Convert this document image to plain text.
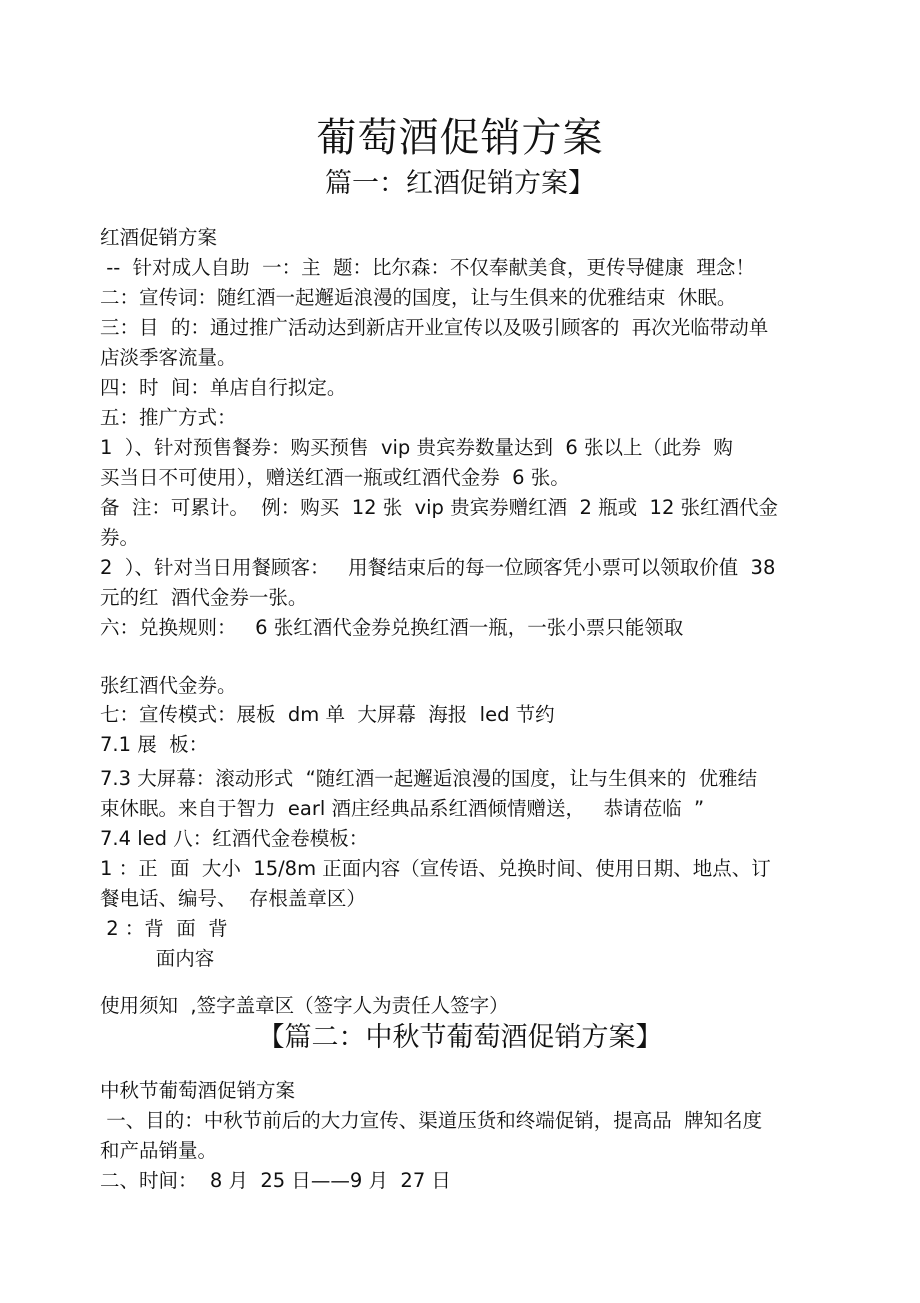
葡萄酒促销方案
篇一：红酒促销方案】
红酒促销方案
--  针对成人自助  一：主  题：比尔森：不仅奉献美食，更传导健康  理念！
二：宣传词：随红酒一起邂逅浪漫的国度，让与生俱来的优雅结束  休眠。
三：目  的：通过推广活动达到新店开业宣传以及吸引顾客的  再次光临带动单
店淡季客流量。
四：时  间：单店自行拟定。
五：推广方式：
1  ）、针对预售餐券：购买预售  vip 贵宾券数量达到  6 张以上（此券  购
买当日不可使用），赠送红酒一瓶或红酒代金券  6 张。
备  注：可累计。  例：购买  12 张  vip 贵宾券赠红酒  2 瓶或  12 张红酒代金
券。
2  ）、针对当日用餐顾客：   用餐结束后的每一位顾客凭小票可以领取价值  38
元的红  酒代金券一张。
六：兑换规则：   6 张红酒代金券兑换红酒一瓶，一张小票只能领取
张红酒代金券。
七：宣传模式：展板  dm 单  大屏幕  海报  led 节约
7.1 展  板：
7.3 大屏幕：滚动形式  “随红酒一起邂逅浪漫的国度，让与生俱来的  优雅结
束休眠。来自于智力  earl 酒庄经典品系红酒倾情赠送，   恭请莅临  ”
7.4 led 八：红酒代金卷模板：
1 ：正  面  大小  15/8m 正面内容（宣传语、兑换时间、使用日期、地点、订
餐电话、编号、  存根盖章区）
2 ：背  面  背
面内容
使用须知  ,签字盖章区（签字人为责任人签字）
【篇二：中秋节葡萄酒促销方案】
中秋节葡萄酒促销方案
一、目的：中秋节前后的大力宣传、渠道压货和终端促销，提高品  牌知名度
和产品销量。
二、时间：  8 月  25 日——9 月  27 日
